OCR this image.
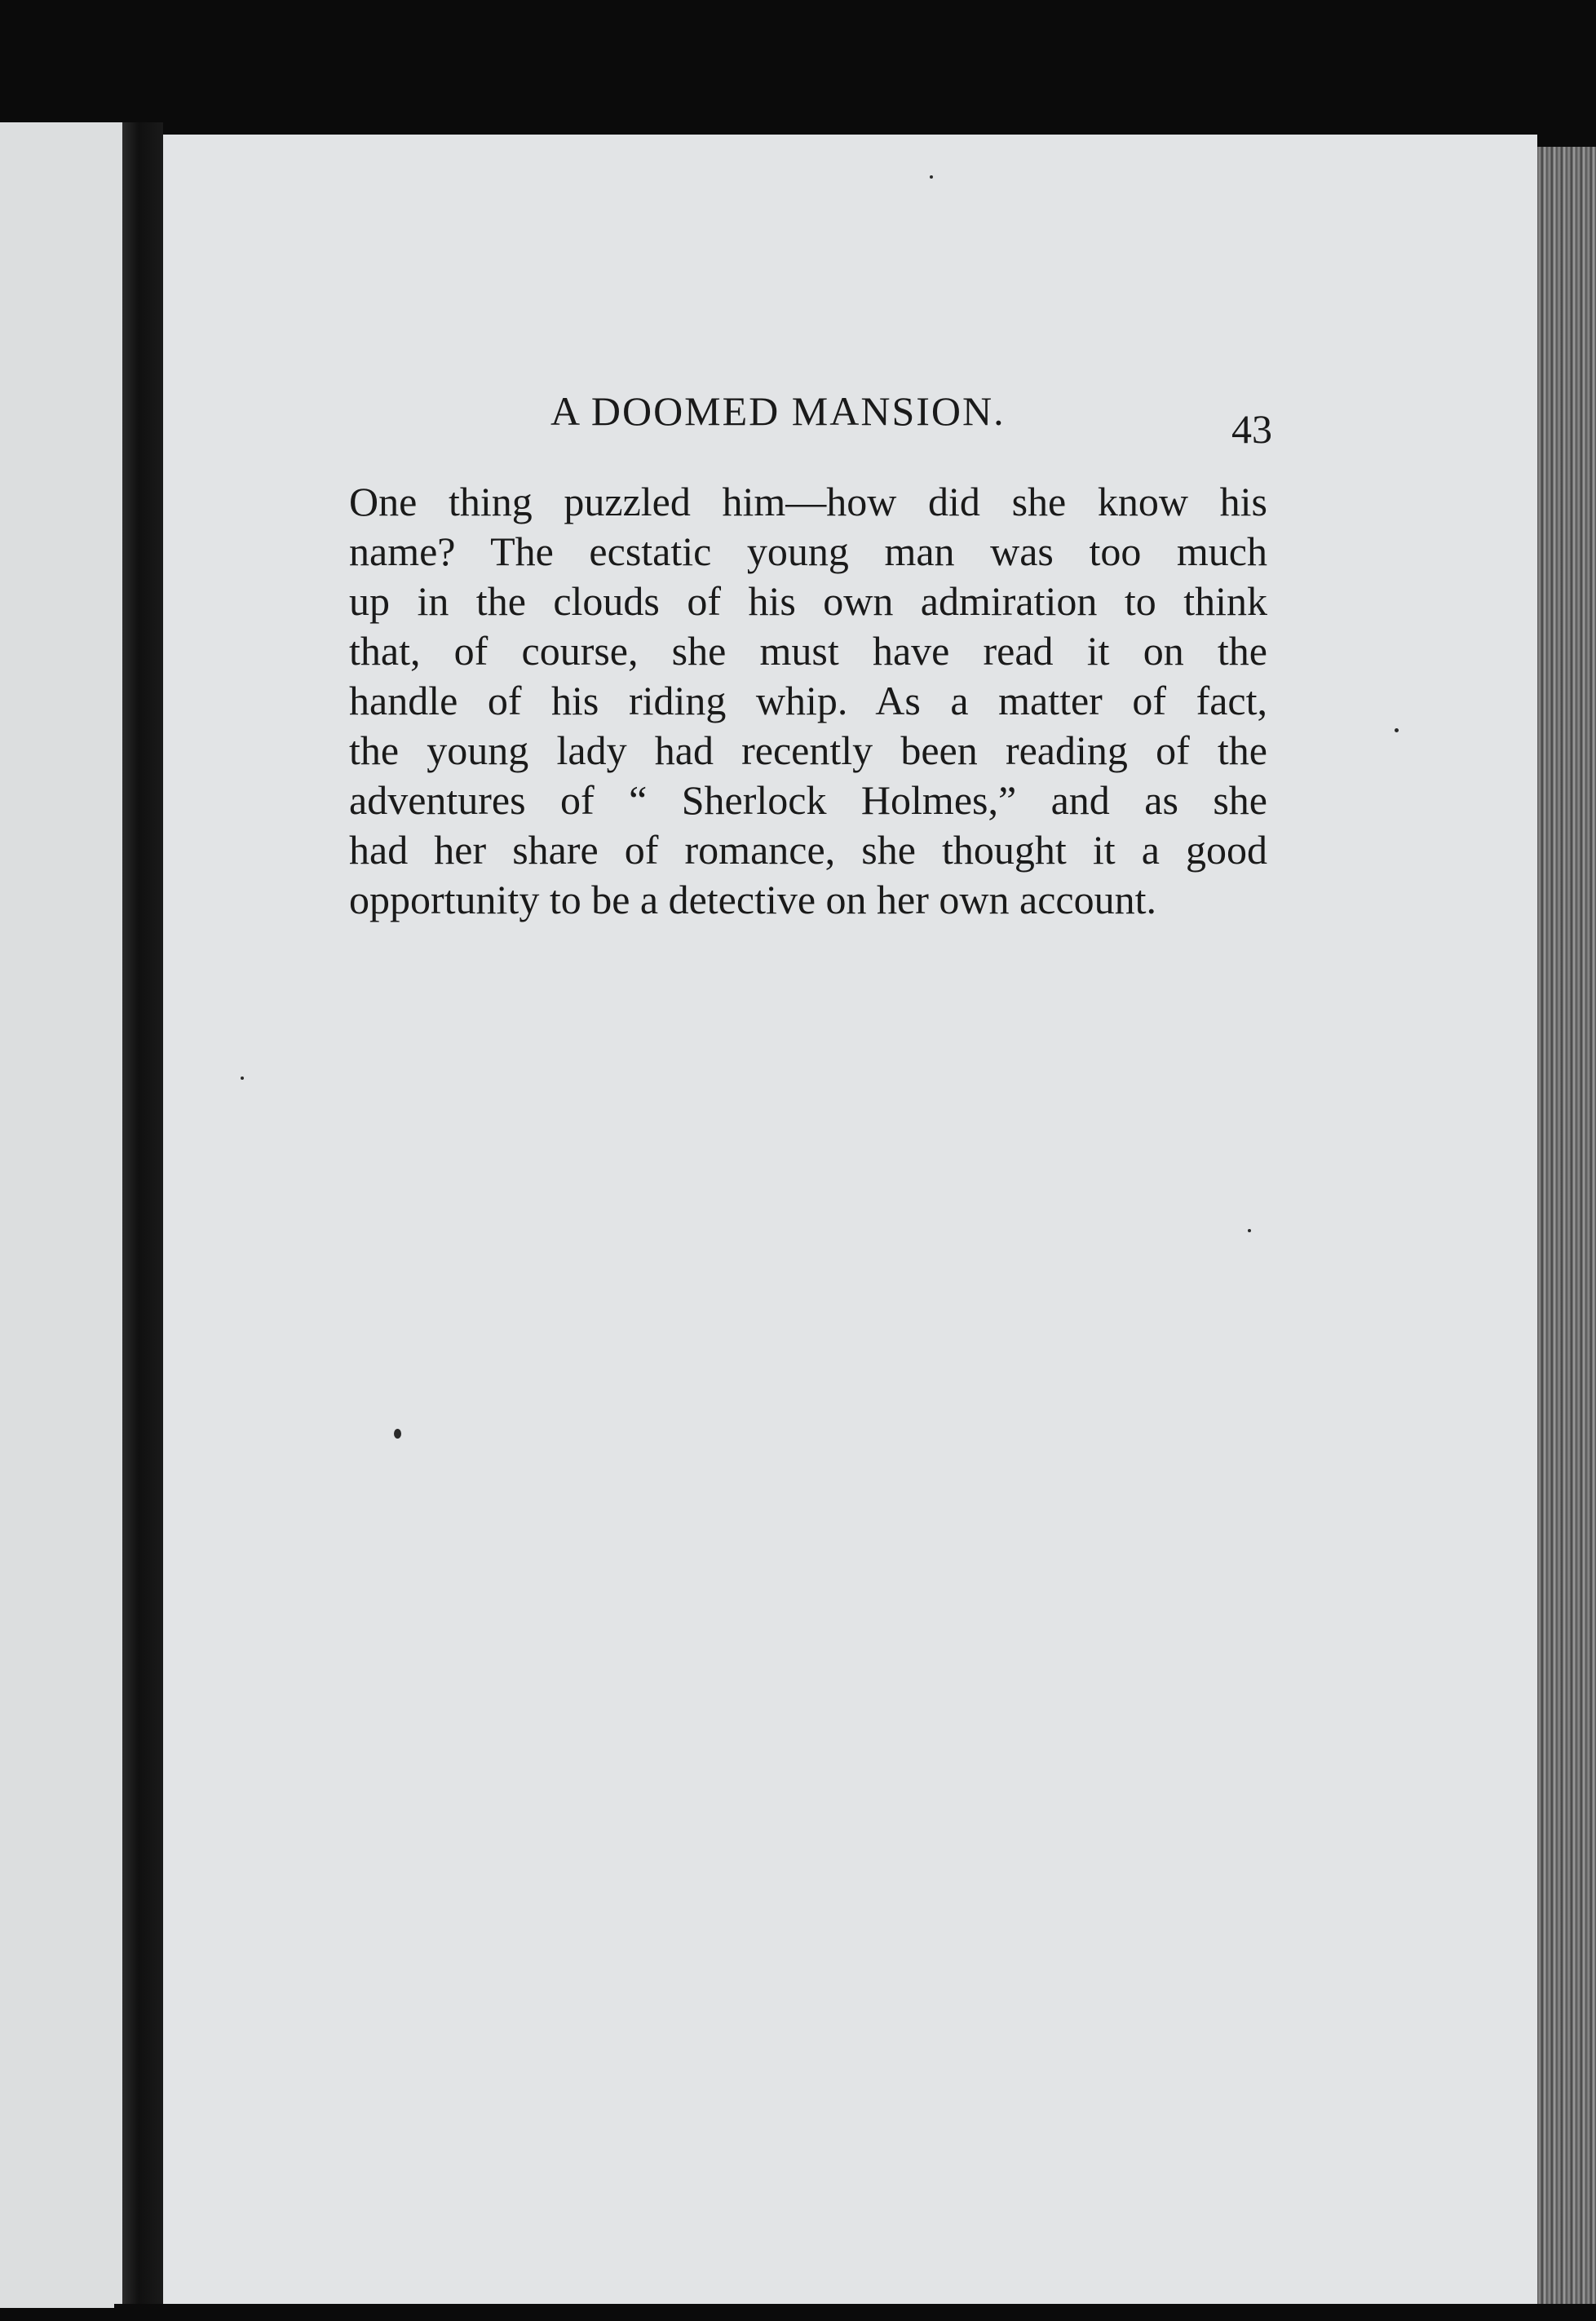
A DOOMED MANSION.	43
One thing puzzled him—how did she know his
name? The ecstatic young man was too much
up in the clouds of his own admiration to think
that, of course, she must have read it on the
handle of his riding whip. As a matter of fact,
the young lady had recently been reading of the
adventures of “ Sherlock Holmes,” and as she
had her share of romance, she thought it a good
opportunity to be a detective on her own account.
